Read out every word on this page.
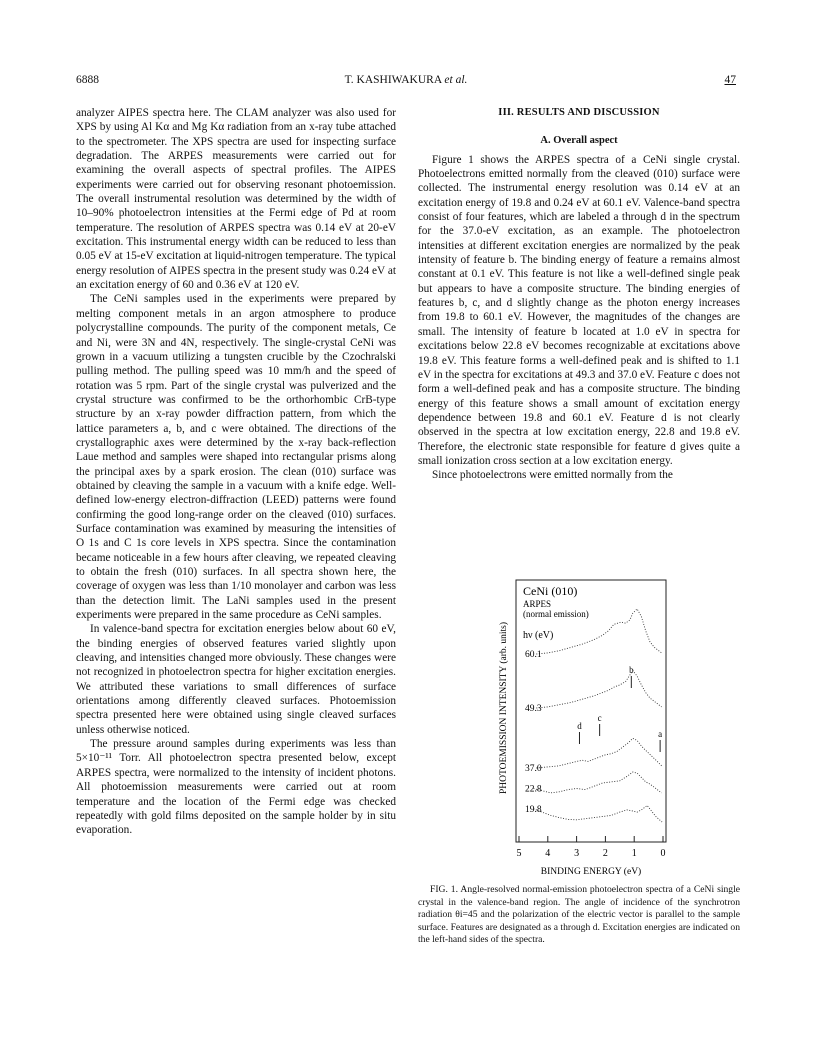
6888	T. KASHIWAKURA et al.	47

analyzer AIPES spectra here. The CLAM analyzer was also used for XPS by using Al Kα and Mg Kα radiation from an x-ray tube attached to the spectrometer. The XPS spectra are used for inspecting surface degradation. The ARPES measurements were carried out for examining the overall aspects of spectral profiles. The AIPES experiments were carried out for observing resonant photoemission. The overall instrumental resolution was determined by the width of 10–90% photoelectron intensities at the Fermi edge of Pd at room temperature. The resolution of ARPES spectra was 0.14 eV at 20-eV excitation. This instrumental energy width can be reduced to less than 0.05 eV at 15-eV excitation at liquid-nitrogen temperature. The typical energy resolution of AIPES spectra in the present study was 0.24 eV at an excitation energy of 60 and 0.36 eV at 120 eV.

The CeNi samples used in the experiments were prepared by melting component metals in an argon atmosphere to produce polycrystalline compounds. The purity of the component metals, Ce and Ni, were 3N and 4N, respectively. The single-crystal CeNi was grown in a vacuum utilizing a tungsten crucible by the Czochralski pulling method. The pulling speed was 10 mm/h and the speed of rotation was 5 rpm. Part of the single crystal was pulverized and the crystal structure was confirmed to be the orthorhombic CrB-type structure by an x-ray powder diffraction pattern, from which the lattice parameters a, b, and c were obtained. The directions of the crystallographic axes were determined by the x-ray back-reflection Laue method and samples were shaped into rectangular prisms along the principal axes by a spark erosion. The clean (010) surface was obtained by cleaving the sample in a vacuum with a knife edge. Well-defined low-energy electron-diffraction (LEED) patterns were found confirming the good long-range order on the cleaved (010) surfaces. Surface contamination was examined by measuring the intensities of O 1s and C 1s core levels in XPS spectra. Since the contamination became noticeable in a few hours after cleaving, we repeated cleaving to obtain the fresh (010) surfaces. In all spectra shown here, the coverage of oxygen was less than 1/10 monolayer and carbon was less than the detection limit. The LaNi samples used in the present experiments were prepared in the same procedure as CeNi samples.

In valence-band spectra for excitation energies below about 60 eV, the binding energies of observed features varied slightly upon cleaving, and intensities changed more obviously. These changes were not recognized in photoelectron spectra for higher excitation energies. We attributed these variations to small differences of surface orientations among differently cleaved surfaces. Photoemission spectra presented here were obtained using single cleaved surfaces unless otherwise noticed.

The pressure around samples during experiments was less than 5×10⁻¹¹ Torr. All photoelectron spectra presented below, except ARPES spectra, were normalized to the intensity of incident photons. All photoemission measurements were carried out at room temperature and the location of the Fermi edge was checked repeatedly with gold films deposited on the sample holder by in situ evaporation.

III. RESULTS AND DISCUSSION
A. Overall aspect

Figure 1 shows the ARPES spectra of a CeNi single crystal. Photoelectrons emitted normally from the cleaved (010) surface were collected. The instrumental energy resolution was 0.14 eV at an excitation energy of 19.8 and 0.24 eV at 60.1 eV. Valence-band spectra consist of four features, which are labeled a through d in the spectrum for the 37.0-eV excitation, as an example. The photoelectron intensities at different excitation energies are normalized by the peak intensity of feature b. The binding energy of feature a remains almost constant at 0.1 eV. This feature is not like a well-defined single peak but appears to have a composite structure. The binding energies of features b, c, and d slightly change as the photon energy increases from 19.8 to 60.1 eV. However, the magnitudes of the changes are small. The intensity of feature b located at 1.0 eV in spectra for excitations below 22.8 eV becomes recognizable at excitations above 19.8 eV. This feature forms a well-defined peak and is shifted to 1.1 eV in the spectra for excitations at 49.3 and 37.0 eV. Feature c does not form a well-defined peak and has a composite structure. The binding energy of this feature shows a small amount of excitation energy dependence between 19.8 and 60.1 eV. Feature d is not clearly observed in the spectra at low excitation energy, 22.8 and 19.8 eV. Therefore, the electronic state responsible for feature d gives quite a small ionization cross section at a low excitation energy.

Since photoelectrons were emitted normally from the

CeNi (010)
ARPES
(normal emission)
hν (eV)
PHOTOEMISSION INTENSITY (arb. units)
5 4 3 2 1 0
60.1
49.3
37.0
22.8
19.8
a
b
c
d
BINDING ENERGY (eV)
FIG. 1. Angle-resolved normal-emission photoelectron spectra of a CeNi single crystal in the valence-band region. The angle of incidence of the synchrotron radiation θi=45 and the polarization of the electric vector is parallel to the sample surface. Features are designated as a through d. Excitation energies are indicated on the left-hand sides of the spectra.
